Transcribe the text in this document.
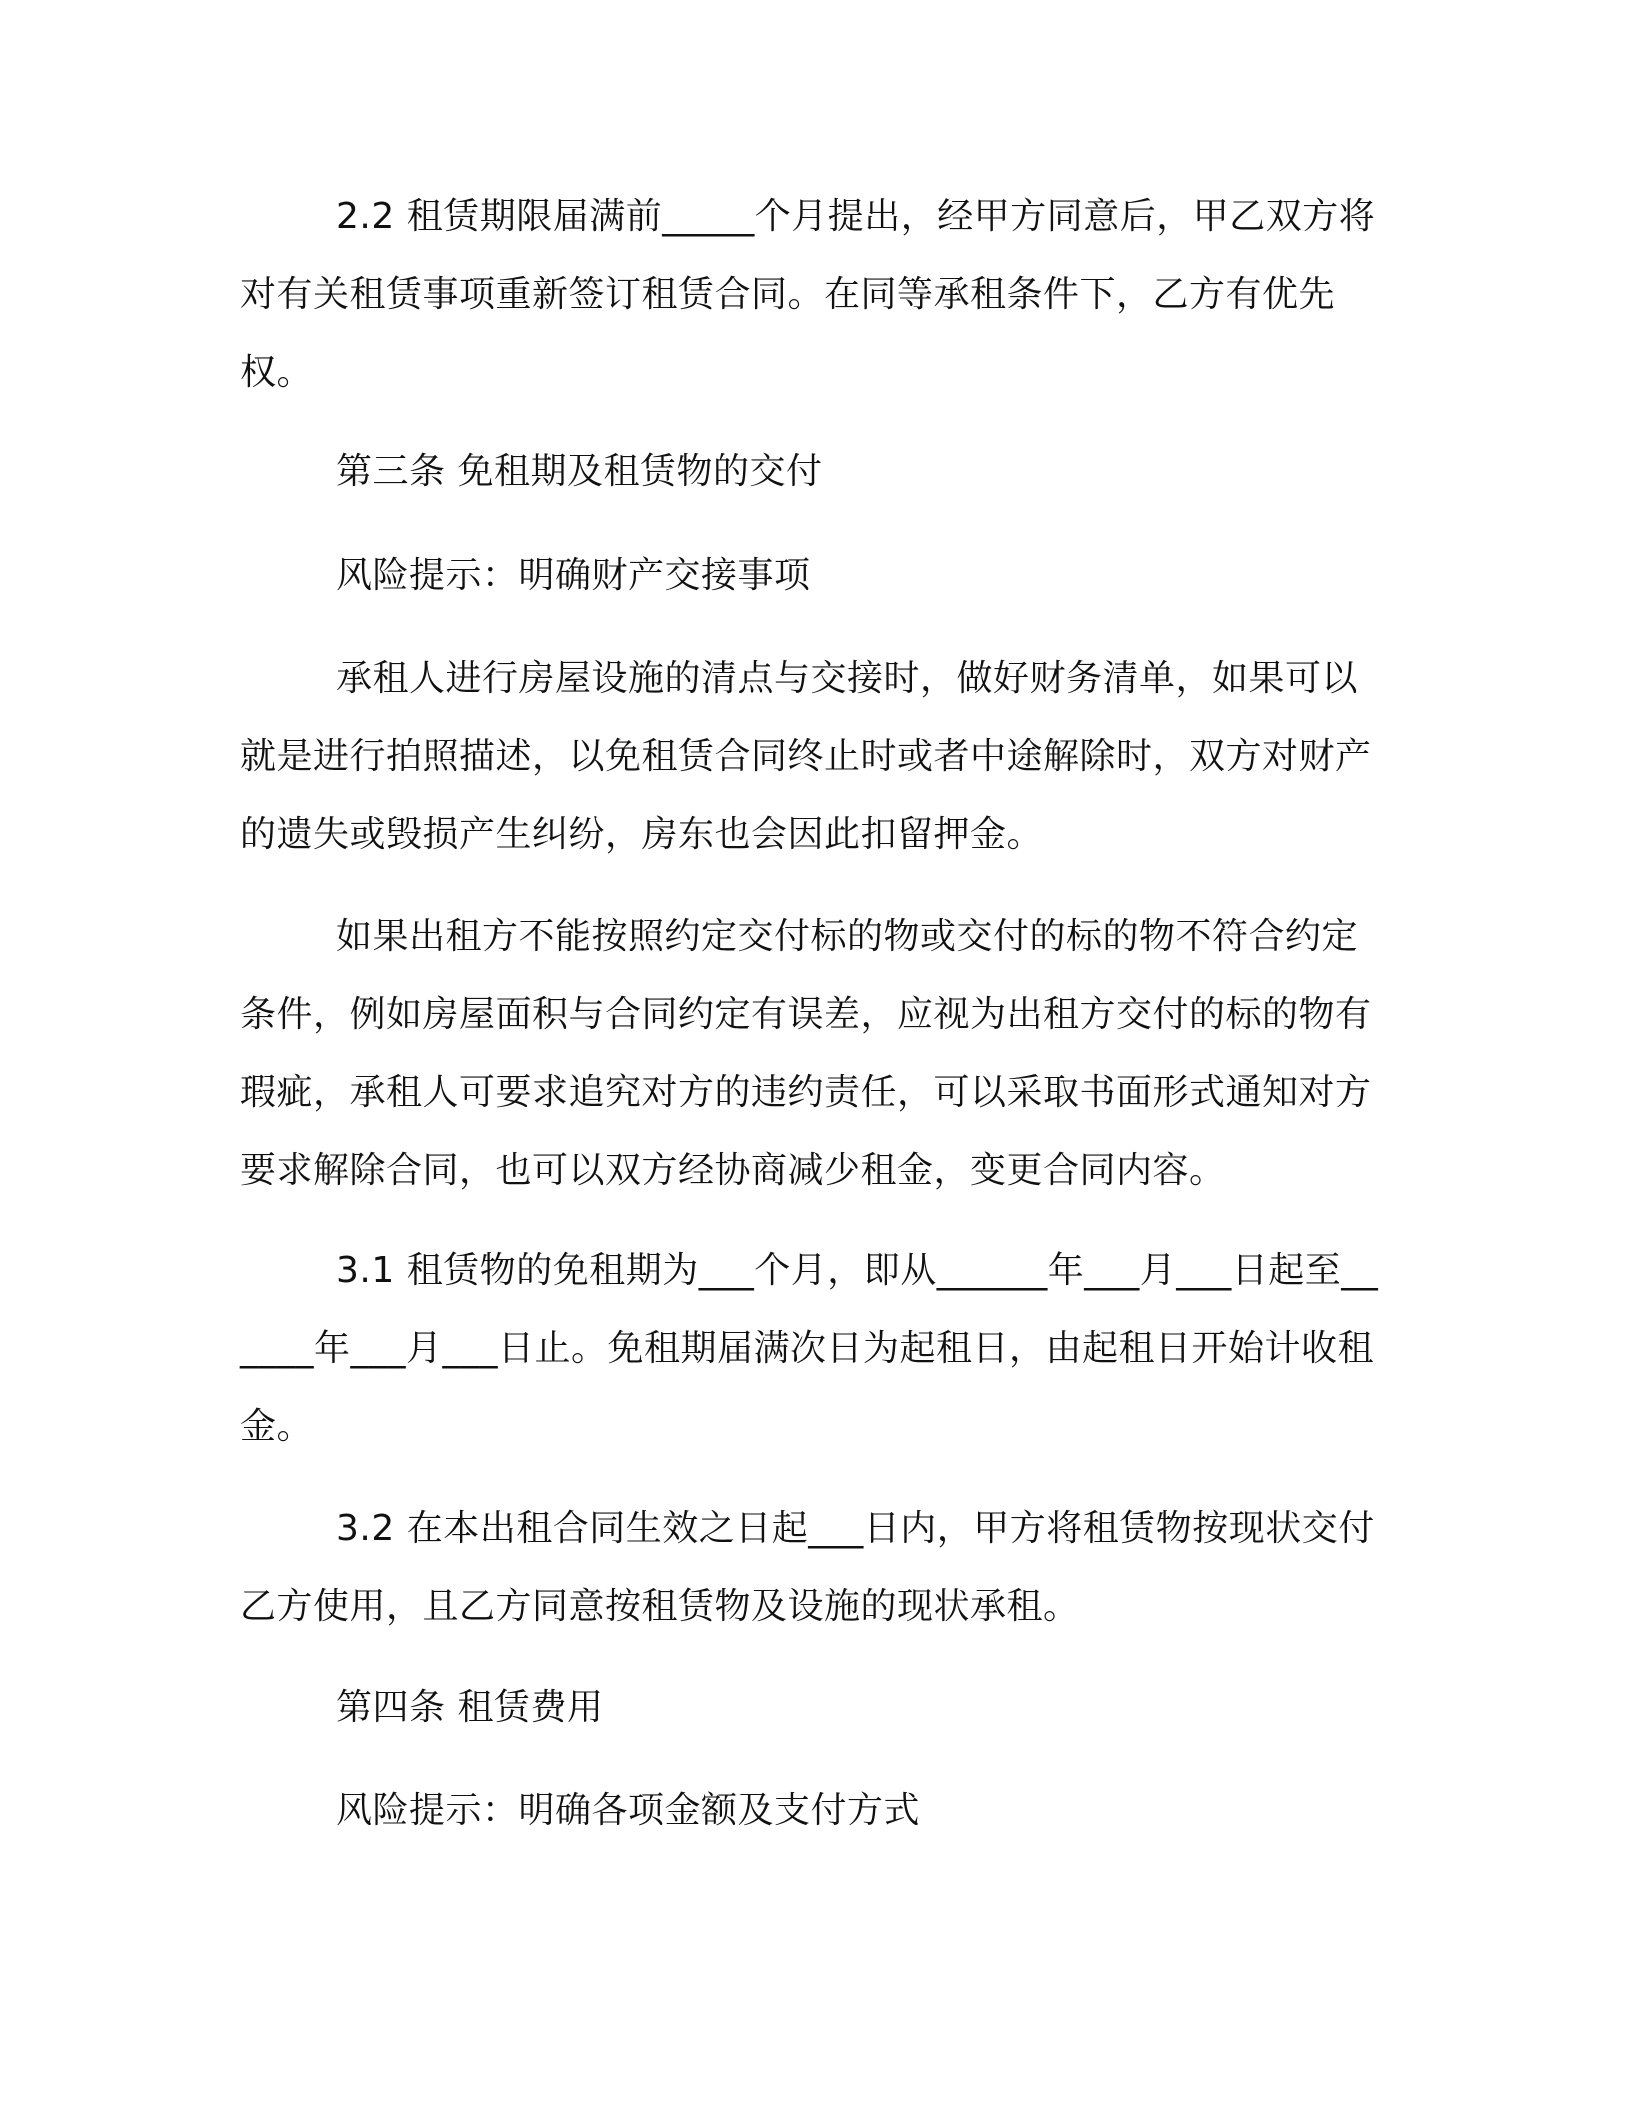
2.2 租赁期限届满前_____个月提出，经甲方同意后，甲乙双方将对有关租赁事项重新签订租赁合同。在同等承租条件下，乙方有优先权。

第三条 免租期及租赁物的交付

风险提示：明确财产交接事项

承租人进行房屋设施的清点与交接时，做好财务清单，如果可以就是进行拍照描述，以免租赁合同终止时或者中途解除时，双方对财产的遗失或毁损产生纠纷，房东也会因此扣留押金。

如果出租方不能按照约定交付标的物或交付的标的物不符合约定条件，例如房屋面积与合同约定有误差，应视为出租方交付的标的物有瑕疵，承租人可要求追究对方的违约责任，可以采取书面形式通知对方要求解除合同，也可以双方经协商减少租金，变更合同内容。

3.1 租赁物的免租期为___个月，即从______年___月___日起至______年___月___日止。免租期届满次日为起租日，由起租日开始计收租金。

3.2 在本出租合同生效之日起___日内，甲方将租赁物按现状交付乙方使用，且乙方同意按租赁物及设施的现状承租。

第四条 租赁费用

风险提示：明确各项金额及支付方式
